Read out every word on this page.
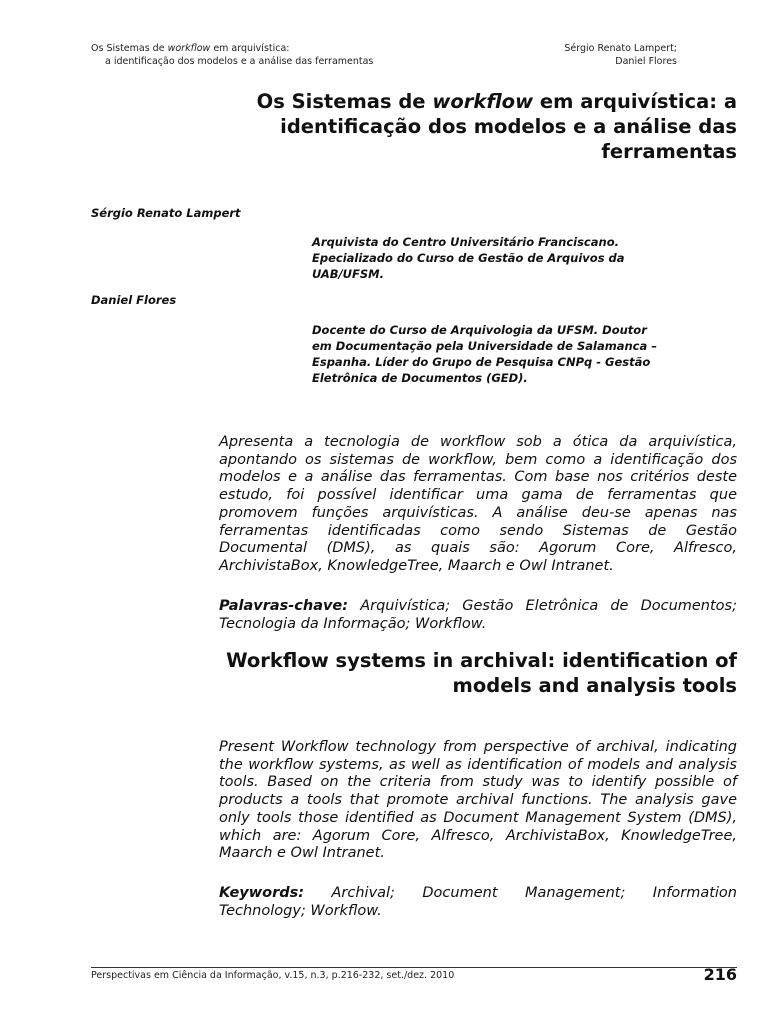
Os Sistemas de workflow em arquivística:
a identificação dos modelos e a análise das ferramentas
Sérgio Renato Lampert;
Daniel Flores
Os Sistemas de workflow em arquivística: a identificação dos modelos e a análise das ferramentas
Sérgio Renato Lampert
Arquivista do Centro Universitário Franciscano. Epecializado do Curso de Gestão de Arquivos da UAB/UFSM.
Daniel Flores
Docente do Curso de Arquivologia da UFSM. Doutor em Documentação pela Universidade de Salamanca – Espanha. Líder do Grupo de Pesquisa CNPq - Gestão Eletrônica de Documentos (GED).
Apresenta a tecnologia de workflow sob a ótica da arquivística, apontando os sistemas de workflow, bem como a identificação dos modelos e a análise das ferramentas. Com base nos critérios deste estudo, foi possível identificar uma gama de ferramentas que promovem funções arquivísticas. A análise deu-se apenas nas ferramentas identificadas como sendo Sistemas de Gestão Documental (DMS), as quais são: Agorum Core, Alfresco, ArchivistaBox, KnowledgeTree, Maarch e Owl Intranet.
Palavras-chave: Arquivística; Gestão Eletrônica de Documentos; Tecnologia da Informação; Workflow.
Workflow systems in archival: identification of models and analysis tools
Present Workflow technology from perspective of archival, indicating the workflow systems, as well as identification of models and analysis tools. Based on the criteria from study was to identify possible of products a tools that promote archival functions. The analysis gave only tools those identified as Document Management System (DMS), which are: Agorum Core, Alfresco, ArchivistaBox, KnowledgeTree, Maarch e Owl Intranet.
Keywords: Archival; Document Management; Information Technology; Workflow.
Perspectivas em Ciência da Informação, v.15, n.3, p.216-232, set./dez. 2010	216
